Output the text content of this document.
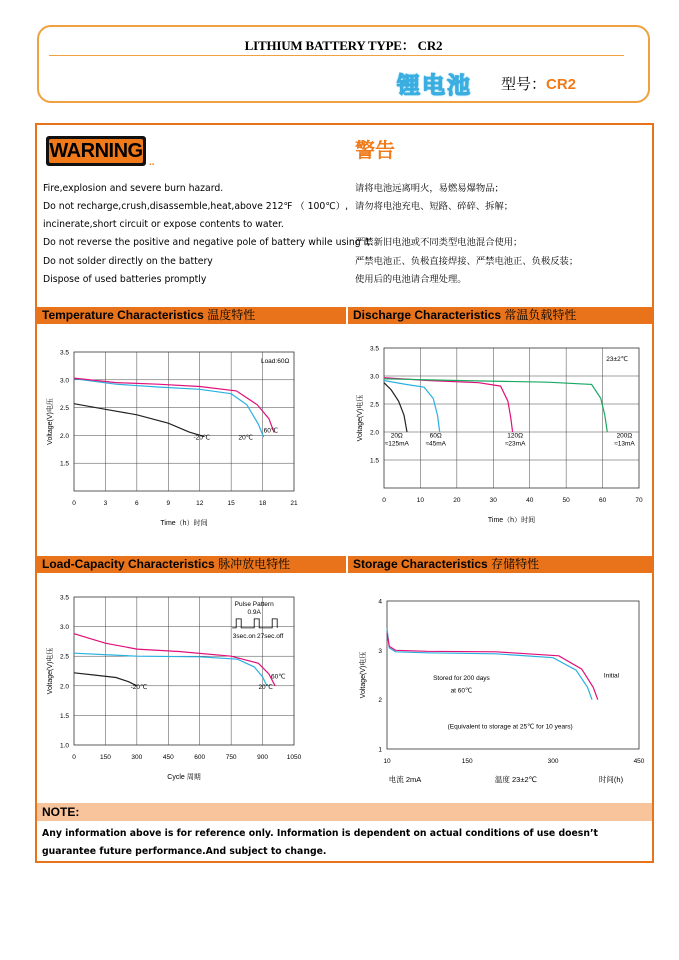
LITHIUM BATTERY TYPE： CR2
锂电池 型号：CR2
WARNING
..
警告
Fire,explosion and severe burn hazard.
Do not recharge,crush,disassemble,heat,above 212℉ （ 100℃）,
incinerate,short circuit or expose contents to water.
Do not reverse the positive and negative pole of battery while using it.
Do not solder directly on the battery
Dispose of used batteries promptly
请将电池远离明火，易燃易爆物品；
请勿将电池充电、短路、碎碎、拆解；
严禁新旧电池或不同类型电池混合使用；
严禁电池正、负极直接焊接、严禁电池正、负极反装；
使用后的电池请合理处理。
Temperature Characteristics 温度特性	Discharge Characteristics 常温负载特性
0	3	6	9	12	15	18	21
1.5
2.0
2.5
3.0
3.5
Voltage(V)电压
Time（h）时间
-20℃	20℃
60℃
Load:60Ω
0	10	20	30	40	50	60	70
1.5
2.0
2.5
3.0
3.5
Voltage(V)电压
Time（h）时间
20Ω
≈125mA
60Ω
≈45mA
120Ω
≈23mA
200Ω
≈13mA
23±2℃
Load-Capacity Characteristics 脉冲放电特性	Storage Characteristics 存储特性
0	150	300	450	600	750	900	1050
1.0
1.5
2.0
2.5
3.0
3.5
Voltage(V)电压
Cycle 周期
-20℃	20℃
60℃
Pulse Pattern
0.9A
3sec.on 27sec.off
10	150	300	450
1
2
3
4
Voltage(V)电压	Initial
Stored for 200 days
at 60℃
(Equivalent to storage at 25℃ for 10 years)
电流 2mA	温度 23±2℃	时间(h)
NOTE:
Any information above is for reference only. Information is dependent on actual conditions of use doesn’t guarantee future performance.And subject to change.
